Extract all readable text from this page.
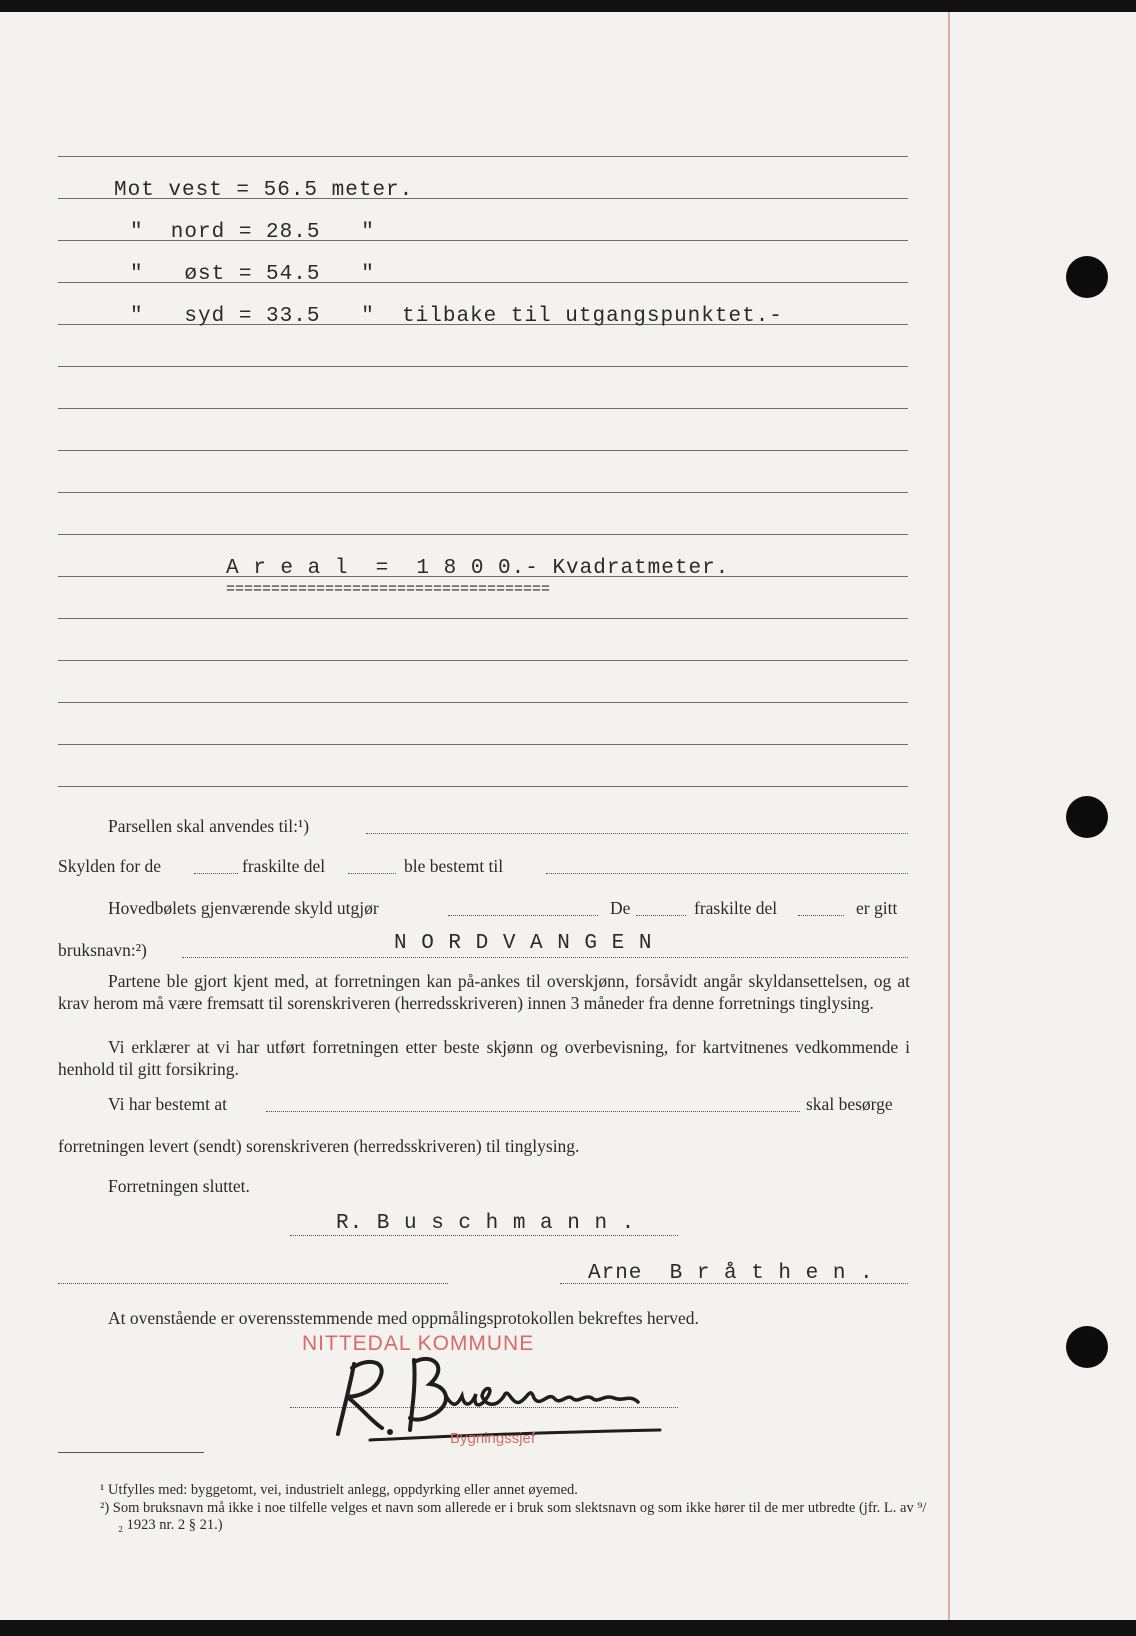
Mot vest = 56.5 meter.
"  nord = 28.5   "
"   øst = 54.5   "
"   syd = 33.5   "  tilbake til utgangspunktet.-
A r e a l  =  1 8 0 0.- Kvadratmeter.
====================================
Parsellen skal anvendes til:¹)
Skylden for de	fraskilte del	ble bestemt til
Hovedbølets gjenværende skyld utgjør	De	fraskilte del	er gitt
bruksnavn:²)	N O R D V A N G E N
Partene ble gjort kjent med, at forretningen kan på-ankes til overskjønn, forsåvidt angår skyldansettelsen, og at krav herom må være fremsatt til sorenskriveren (herredsskriveren) innen 3 måneder fra denne forretnings tinglysing.
Vi erklærer at vi har utført forretningen etter beste skjønn og overbevisning, for kartvitnenes vedkommende i henhold til gitt forsikring.
Vi har bestemt at	skal besørge
forretningen levert (sendt) sorenskriveren (herredsskriveren) til tinglysing.
Forretningen sluttet.
R. B u s c h m a n n .
Arne  B r å t h e n .
At ovenstående er overensstemmende med oppmålingsprotokollen bekreftes herved.
NITTEDAL KOMMUNE
Bygningssjef
¹ Utfylles med: byggetomt, vei, industrielt anlegg, oppdyrking eller annet øyemed.
²) Som bruksnavn må ikke i noe tilfelle velges et navn som allerede er i bruk som slektsnavn og som ikke hører til de mer utbredte (jfr. L. av ⁹/₂ 1923 nr. 2 § 21.)
